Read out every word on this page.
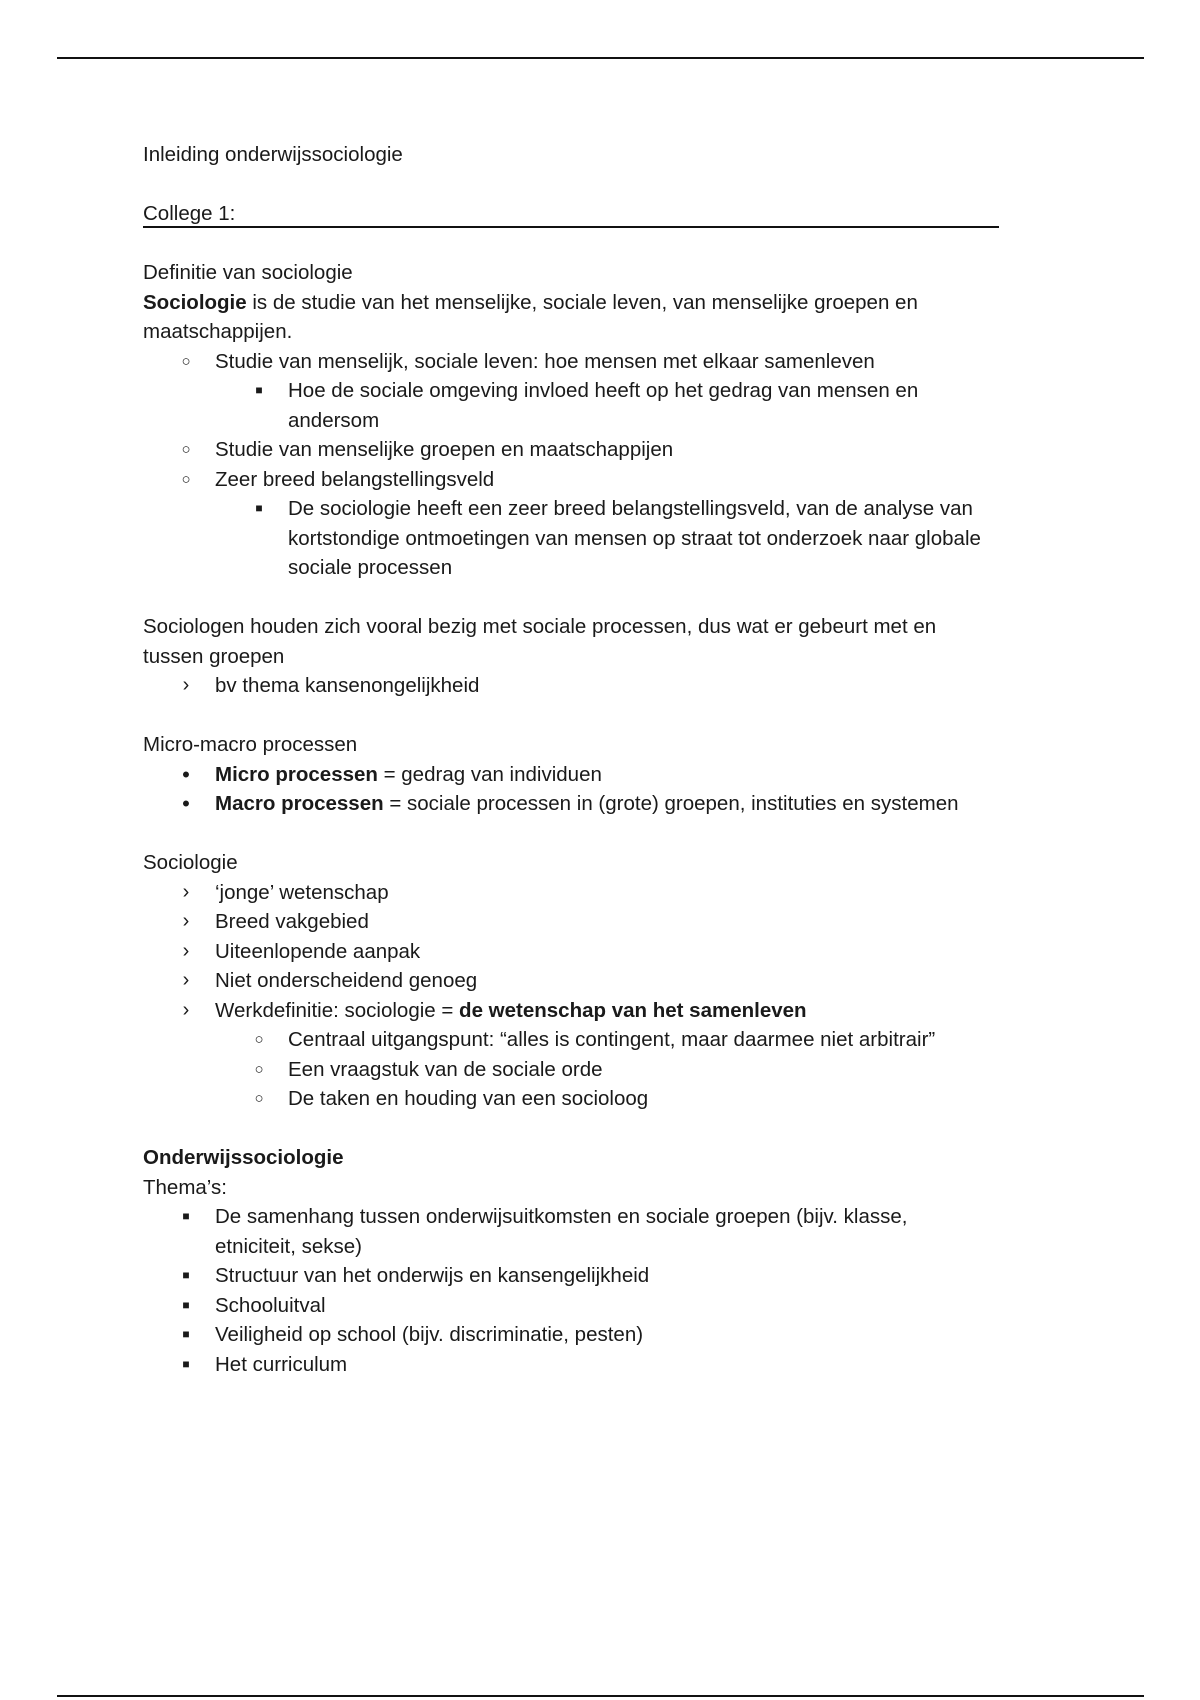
Inleiding onderwijssociologie
College 1:
Definitie van sociologie
Sociologie is de studie van het menselijke, sociale leven, van menselijke groepen en
maatschappijen.
○ Studie van menselijk, sociale leven: hoe mensen met elkaar samenleven
■	Hoe de sociale omgeving invloed heeft op het gedrag van mensen en
andersom
○ Studie van menselijke groepen en maatschappijen
○ Zeer breed belangstellingsveld
■	De sociologie heeft een zeer breed belangstellingsveld, van de analyse van
kortstondige ontmoetingen van mensen op straat tot onderzoek naar globale
sociale processen
Sociologen houden zich vooral bezig met sociale processen, dus wat er gebeurt met en
tussen groepen
›	bv thema kansenongelijkheid
Micro-macro processen
•	Micro processen = gedrag van individuen
•	Macro processen = sociale processen in (grote) groepen, instituties en systemen
Sociologie
›	‘jonge’ wetenschap
›	Breed vakgebied
›	Uiteenlopende aanpak
›	Niet onderscheidend genoeg
›	Werkdefinitie: sociologie = de wetenschap van het samenleven
○ Centraal uitgangspunt: “alles is contingent, maar daarmee niet arbitrair”
○ Een vraagstuk van de sociale orde
○ De taken en houding van een socioloog
Onderwijssociologie
Thema’s:
■	De samenhang tussen onderwijsuitkomsten en sociale groepen (bijv. klasse,
etniciteit, sekse)
■	Structuur van het onderwijs en kansengelijkheid
■	Schooluitval
■	Veiligheid op school (bijv. discriminatie, pesten)
■	Het curriculum
